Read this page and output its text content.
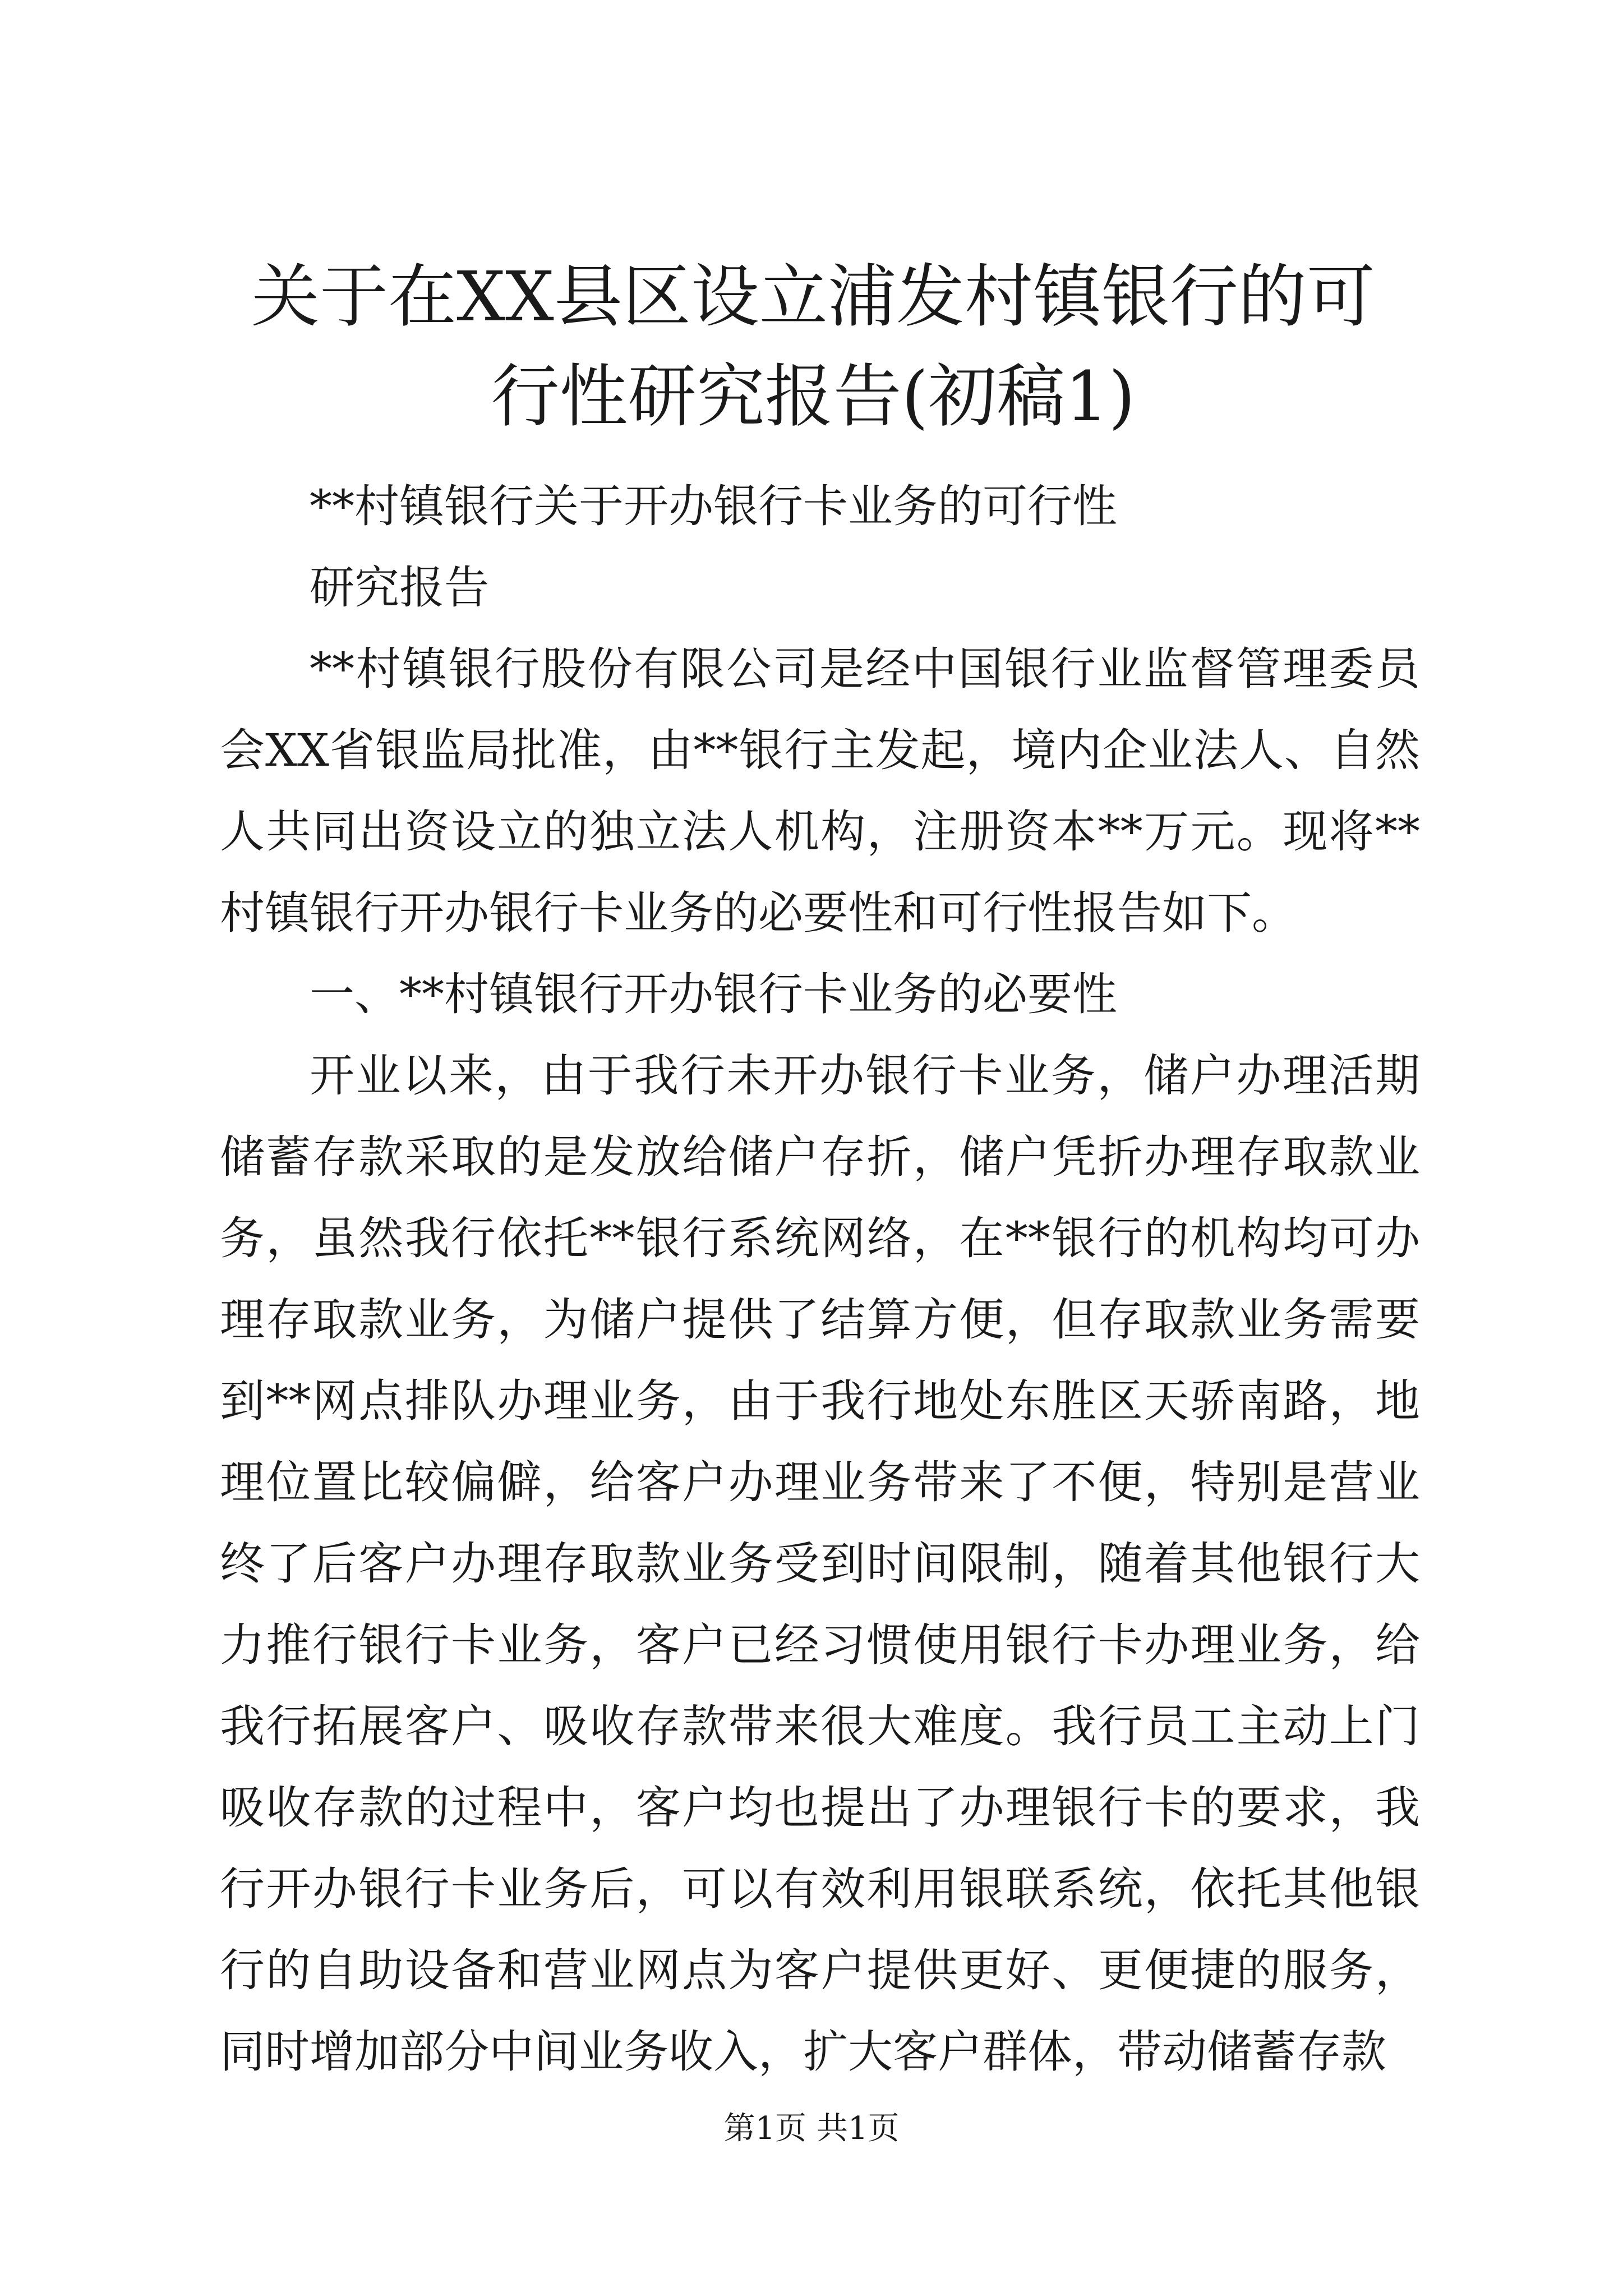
关于在XX县区设立浦发村镇银行的可行性研究报告(初稿1)

**村镇银行关于开办银行卡业务的可行性

研究报告

**村镇银行股份有限公司是经中国银行业监督管理委员会XX省银监局批准，由**银行主发起，境内企业法人、自然人共同出资设立的独立法人机构，注册资本**万元。现将**村镇银行开办银行卡业务的必要性和可行性报告如下。

一、**村镇银行开办银行卡业务的必要性

开业以来，由于我行未开办银行卡业务，储户办理活期储蓄存款采取的是发放给储户存折，储户凭折办理存取款业务，虽然我行依托**银行系统网络，在**银行的机构均可办理存取款业务，为储户提供了结算方便，但存取款业务需要到**网点排队办理业务，由于我行地处东胜区天骄南路，地理位置比较偏僻，给客户办理业务带来了不便，特别是营业终了后客户办理存取款业务受到时间限制，随着其他银行大力推行银行卡业务，客户已经习惯使用银行卡办理业务，给我行拓展客户、吸收存款带来很大难度。我行员工主动上门吸收存款的过程中，客户均也提出了办理银行卡的要求，我行开办银行卡业务后，可以有效利用银联系统，依托其他银行的自助设备和营业网点为客户提供更好、更便捷的服务，同时增加部分中间业务收入，扩大客户群体，带动储蓄存款

第1页 共1页
